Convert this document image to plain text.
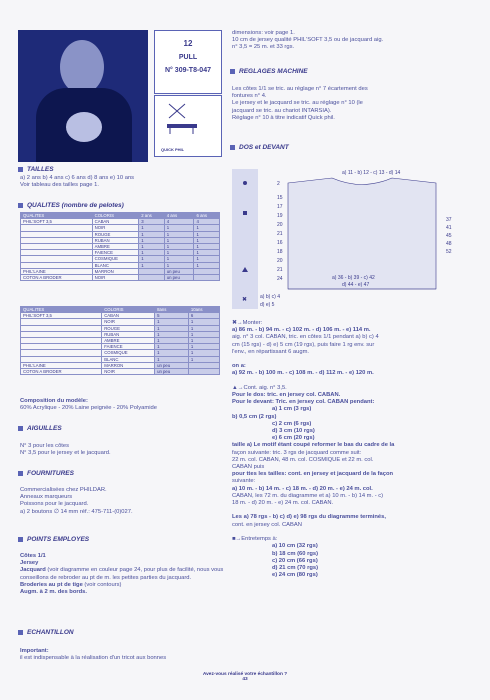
12
PULL
N° 309-T8-047
QUICK PHIL
TAILLES
a) 2 ans b) 4 ans c) 6 ans d) 8 ans e) 10 ans
Voir tableau des tailles page 1.
QUALITES (nombre de pelotes)
QUALITES	COLORIS	2 ans	4 ans	6 ans
PHIL'SOFT 3,5	CABAN	3	4	4
	NOIR	1	1	1
	ROUGE	1	1	1
	RUBAN	1	1	1
	AMBRE	1	1	1
	FAIENCE	1	1	1
	COSMIQUE	1	1	1
	BLANC	1	1	1
PHIL'LAINE	MARRON		un peu	
COTON A BRODER	NOIR		un peu	
QUALITES	COLORIS	8ans	10ans
PHIL'SOFT 3,5	CABAN	5	6
	NOIR	1	1
	ROUGE	1	1
	RUBAN	1	1
	AMBRE	1	1
	FAIENCE	1	1
	COSMIQUE	1	1
	BLANC	1	1
PHIL'LAINE	MARRON	un peu	
COTON A BRODER	NOIR	un peu	
Composition du modèle:
60% Acrylique - 20% Laine peignée - 20% Polyamide
AIGUILLES
N° 3 pour les côtes
N° 3,5 pour le jersey et le jacquard.
FOURNITURES
Commercialisées chez PHILDAR.
Anneaux marqueurs
Poissons pour le jacquard.
a) 2 boutons ∅ 14 mm réf.: 475-711-(0)027.
POINTS EMPLOYES
Côtes 1/1
Jersey
Jacquard (voir diagramme en couleur page 24, pour plus de facilité, nous vous conseillons de rebroder au pt de m. les petites parties du jacquard.
Broderies au pt de tige (voir contours)
Augm. à 2 m. des bords.
ECHANTILLON
Important:
il est indispensable à la réalisation d'un tricot aux bonnes
dimensions: voir page 1.
10 cm de jersey qualité PHIL'SOFT 3,5 ou de jacquard aig.
n° 3,5 = 25 m. et 33 rgs.
REGLAGES MACHINE
Les côtes 1/1 se tric. au réglage n° 7 écartement des
fontures n° 4.
Le jersey et le jacquard se tric. au réglage n° 10 (le
jacquard se tric. au chariot INTARSIA).
Réglage n° 10 à titre indicatif Quick phil.
DOS et DEVANT
a) 11 - b) 12 - c) 13 - d) 14
2
a) 36 - b) 39 - c) 42
d) 44 - e) 47
a) b) c) 4
d) e) 5
✖
15
17
19
20
21
16
18
20
21
24
37
41
45
48
52
✖→Monter:
a) 86 m. - b) 94 m. - c) 102 m. - d) 106 m. - e) 114 m.
aig. n° 3 col. CABAN, tric. en côtes 1/1 pendant a) b) c) 4
cm (15 rgs) - d) e) 5 cm (19 rgs), puis faire 1 rg env. sur
l'env., en répartissant 6 augm.

on a:
a) 92 m. - b) 100 m. - c) 108 m. - d) 112 m. - e) 120 m.

▲→Cont. aig. n° 3,5.
Pour le dos: tric. en jersey col. CABAN.
Pour le devant: Tric. en jersey col. CABAN pendant:
a) 1 cm (3 rgs)
b) 0,5 cm (2 rgs)
c) 2 cm (6 rgs)
d) 3 cm (10 rgs)
e) 6 cm (20 rgs)
taille a) Le motif étant coupé reformer le bas du cadre de la
façon suivante: tric. 3 rgs de jacquard comme suit:
22 m. col. CABAN, 48 m. col. COSMIQUE et 22 m. col.
CABAN puis
pour ttes les tailles: cont. en jersey et jacquard de la façon
suivante:
a) 10 m. - b) 14 m. - c) 18 m. - d) 20 m. - e) 24 m. col.
CABAN, les 72 m. du diagramme et a) 10 m. - b) 14 m. - c)
18 m. - d) 20 m. - e) 24 m. col. CABAN.

Les a) 78 rgs - b) c) d) e) 98 rgs du diagramme terminés,
cont. en jersey col. CABAN

■→Entretemps à:
a) 10 cm (32 rgs)
b) 18 cm (60 rgs)
c) 20 cm (66 rgs)
d) 21 cm (70 rgs)
e) 24 cm (80 rgs)
Avez-vous réalisé votre échantillon ?
43
